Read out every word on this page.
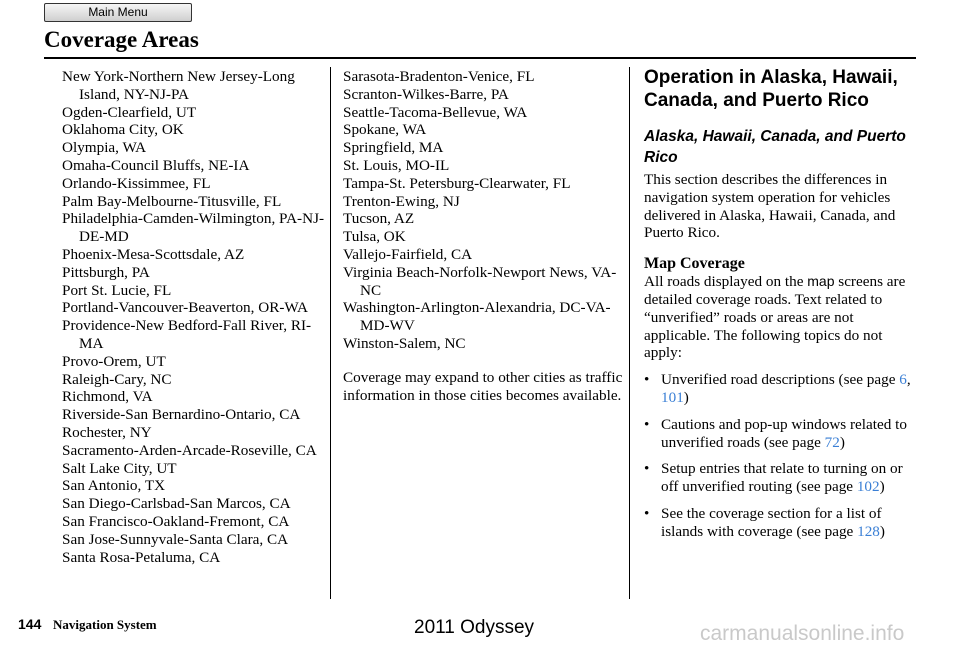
Main Menu
Coverage Areas
New York-Northern New Jersey-Long Island, NY-NJ-PA
Ogden-Clearfield, UT
Oklahoma City, OK
Olympia, WA
Omaha-Council Bluffs, NE-IA
Orlando-Kissimmee, FL
Palm Bay-Melbourne-Titusville, FL
Philadelphia-Camden-Wilmington, PA-NJ-DE-MD
Phoenix-Mesa-Scottsdale, AZ
Pittsburgh, PA
Port St. Lucie, FL
Portland-Vancouver-Beaverton, OR-WA
Providence-New Bedford-Fall River, RI-MA
Provo-Orem, UT
Raleigh-Cary, NC
Richmond, VA
Riverside-San Bernardino-Ontario, CA
Rochester, NY
Sacramento-Arden-Arcade-Roseville, CA
Salt Lake City, UT
San Antonio, TX
San Diego-Carlsbad-San Marcos, CA
San Francisco-Oakland-Fremont, CA
San Jose-Sunnyvale-Santa Clara, CA
Santa Rosa-Petaluma, CA
Sarasota-Bradenton-Venice, FL
Scranton-Wilkes-Barre, PA
Seattle-Tacoma-Bellevue, WA
Spokane, WA
Springfield, MA
St. Louis, MO-IL
Tampa-St. Petersburg-Clearwater, FL
Trenton-Ewing, NJ
Tucson, AZ
Tulsa, OK
Vallejo-Fairfield, CA
Virginia Beach-Norfolk-Newport News, VA-NC
Washington-Arlington-Alexandria, DC-VA-MD-WV
Winston-Salem, NC
Coverage may expand to other cities as traffic information in those cities becomes available.
Operation in Alaska, Hawaii, Canada, and Puerto Rico
Alaska, Hawaii, Canada, and Puerto Rico
This section describes the differences in navigation system operation for vehicles delivered in Alaska, Hawaii, Canada, and Puerto Rico.
Map Coverage
All roads displayed on the map screens are detailed coverage roads. Text related to “unverified” roads or areas are not applicable. The following topics do not apply:
• Unverified road descriptions (see page 6, 101)
• Cautions and pop-up windows related to unverified roads (see page 72)
• Setup entries that relate to turning on or off unverified routing (see page 102)
• See the coverage section for a list of islands with coverage (see page 128)
144 Navigation System	2011 Odyssey	carmanualsonline.info
